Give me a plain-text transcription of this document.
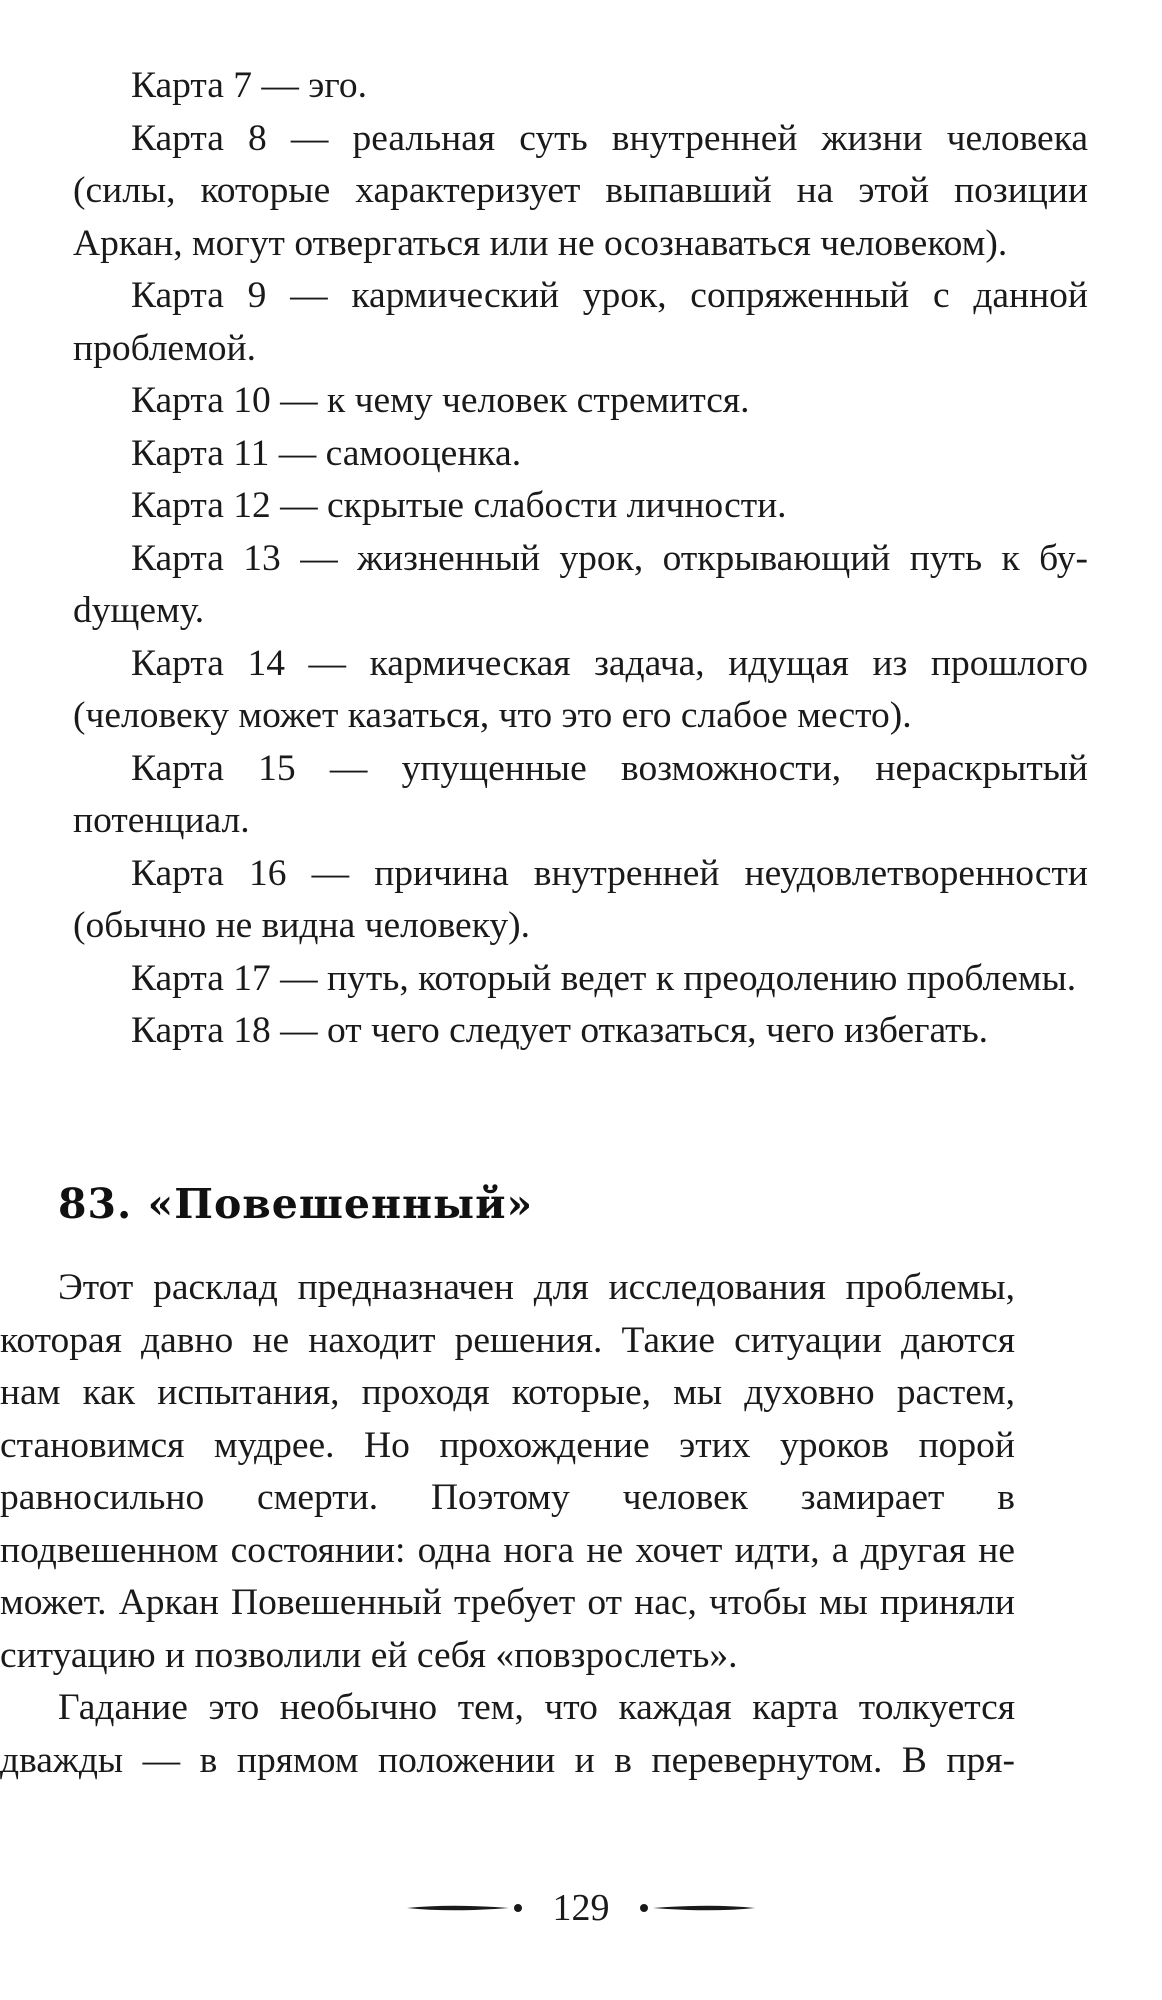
Карта 7 — эго.

Карта 8 — реальная суть внутренней жизни человека (силы, которые характеризует выпавший на этой позиции Аркан, могут отвергаться или не осознаваться человеком).

Карта 9 — кармический урок, сопряженный с данной проблемой.

Карта 10 — к чему человек стремится.

Карта 11 — самооценка.

Карта 12 — скрытые слабости личности.

Карта 13 — жизненный урок, открывающий путь к буdущему.

Карта 14 — кармическая задача, идущая из прошлого (человеку может казаться, что это его слабое место).

Карта 15 — упущенные возможности, нераскрытый потенциал.

Карта 16 — причина внутренней неудовлетворенности (обычно не видна человеку).

Карта 17 — путь, который ведет к преодолению проблемы.

Карта 18 — от чего следует отказаться, чего избегать.

83. «Повешенный»

Этот расклад предназначен для исследования проблемы, которая давно не находит решения. Такие ситуации даются нам как испытания, проходя которые, мы духовно растем, становимся мудрее. Но прохождение этих уроков порой равносильно смерти. Поэтому человек замирает в подвешенном состоянии: одна нога не хочет идти, а другая не может. Аркан Повешенный требует от нас, чтобы мы приняли ситуацию и позволили ей себя «повзрослеть».

Гадание это необычно тем, что каждая карта толкуется дважды — в прямом положении и в перевернутом. В пря-

129
